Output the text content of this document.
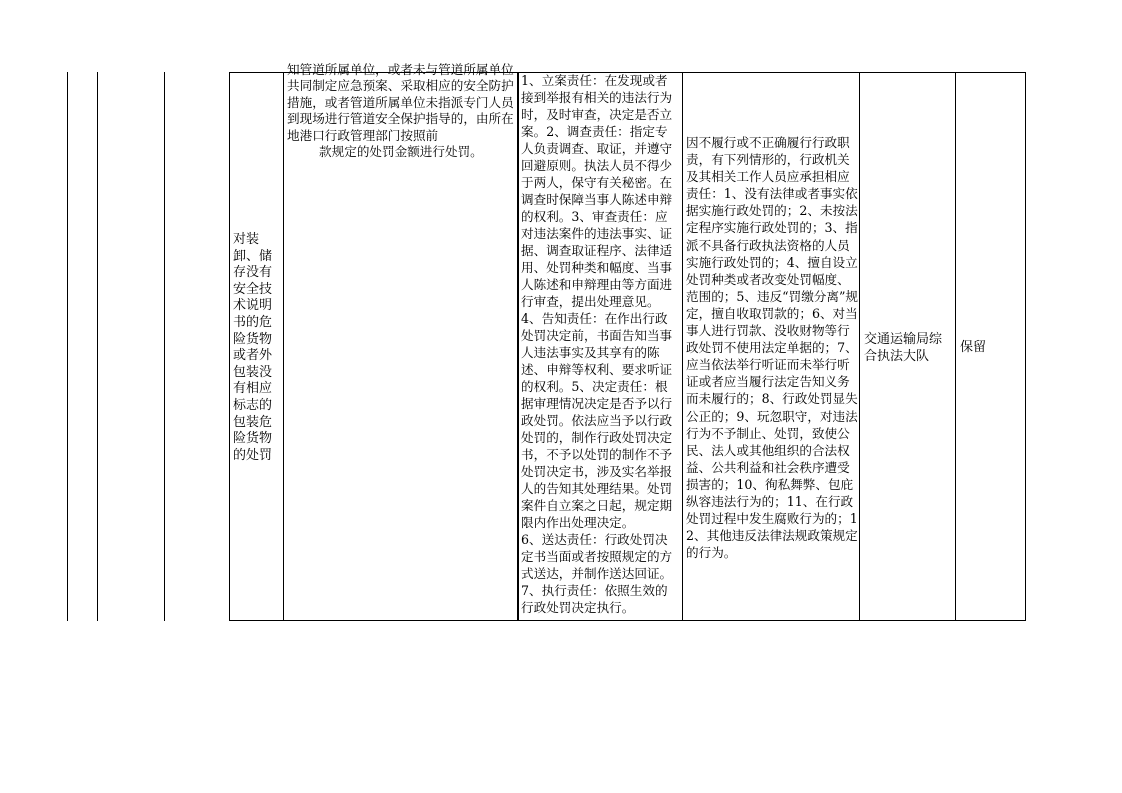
对装卸、储存没有安全技术说明书的危险货物或者外包装没有相应标志的包装危险货物的处罚
知管道所属单位，或者未与管道所属单位共同制定应急预案、采取相应的安全防护措施，或者管道所属单位未指派专门人员到现场进行管道安全保护指导的，由所在地港口行政管理部门按照前
款规定的处罚金额进行处罚。
1、立案责任：在发现或者接到举报有相关的违法行为时，及时审查，决定是否立案。2、调查责任：指定专人负责调查、取证，并遵守回避原则。执法人员不得少于两人，保守有关秘密。在调查时保障当事人陈述申辩的权利。3、审查责任：应对违法案件的违法事实、证据、调查取证程序、法律适用、处罚种类和幅度、当事人陈述和申辩理由等方面进行审查，提出处理意见。4、告知责任：在作出行政处罚决定前，书面告知当事人违法事实及其享有的陈述、申辩等权利、要求听证的权利。5、决定责任：根据审理情况决定是否予以行政处罚。依法应当予以行政处罚的，制作行政处罚决定书，不予以处罚的制作不予处罚决定书，涉及实名举报人的告知其处理结果。处罚案件自立案之日起，规定期限内作出处理决定。
6、送达责任：行政处罚决定书当面或者按照规定的方式送达，并制作送达回证。7、执行责任：依照生效的行政处罚决定执行。
因不履行或不正确履行行政职责，有下列情形的，行政机关及其相关工作人员应承担相应责任：1、没有法律或者事实依据实施行政处罚的；2、未按法定程序实施行政处罚的；3、指派不具备行政执法资格的人员实施行政处罚的；4、擅自设立处罚种类或者改变处罚幅度、范围的；5、违反“罚缴分离”规定，擅自收取罚款的；6、对当事人进行罚款、没收财物等行政处罚不使用法定单据的；7、应当依法举行听证而未举行听证或者应当履行法定告知义务而未履行的；8、行政处罚显失公正的；9、玩忽职守，对违法行为不予制止、处罚，致使公民、法人或其他组织的合法权益、公共利益和社会秩序遭受损害的；10、徇私舞弊、包庇纵容违法行为的；11、在行政处罚过程中发生腐败行为的；12、其他违反法律法规政策规定的行为。
交通运输局综合执法大队
保留
